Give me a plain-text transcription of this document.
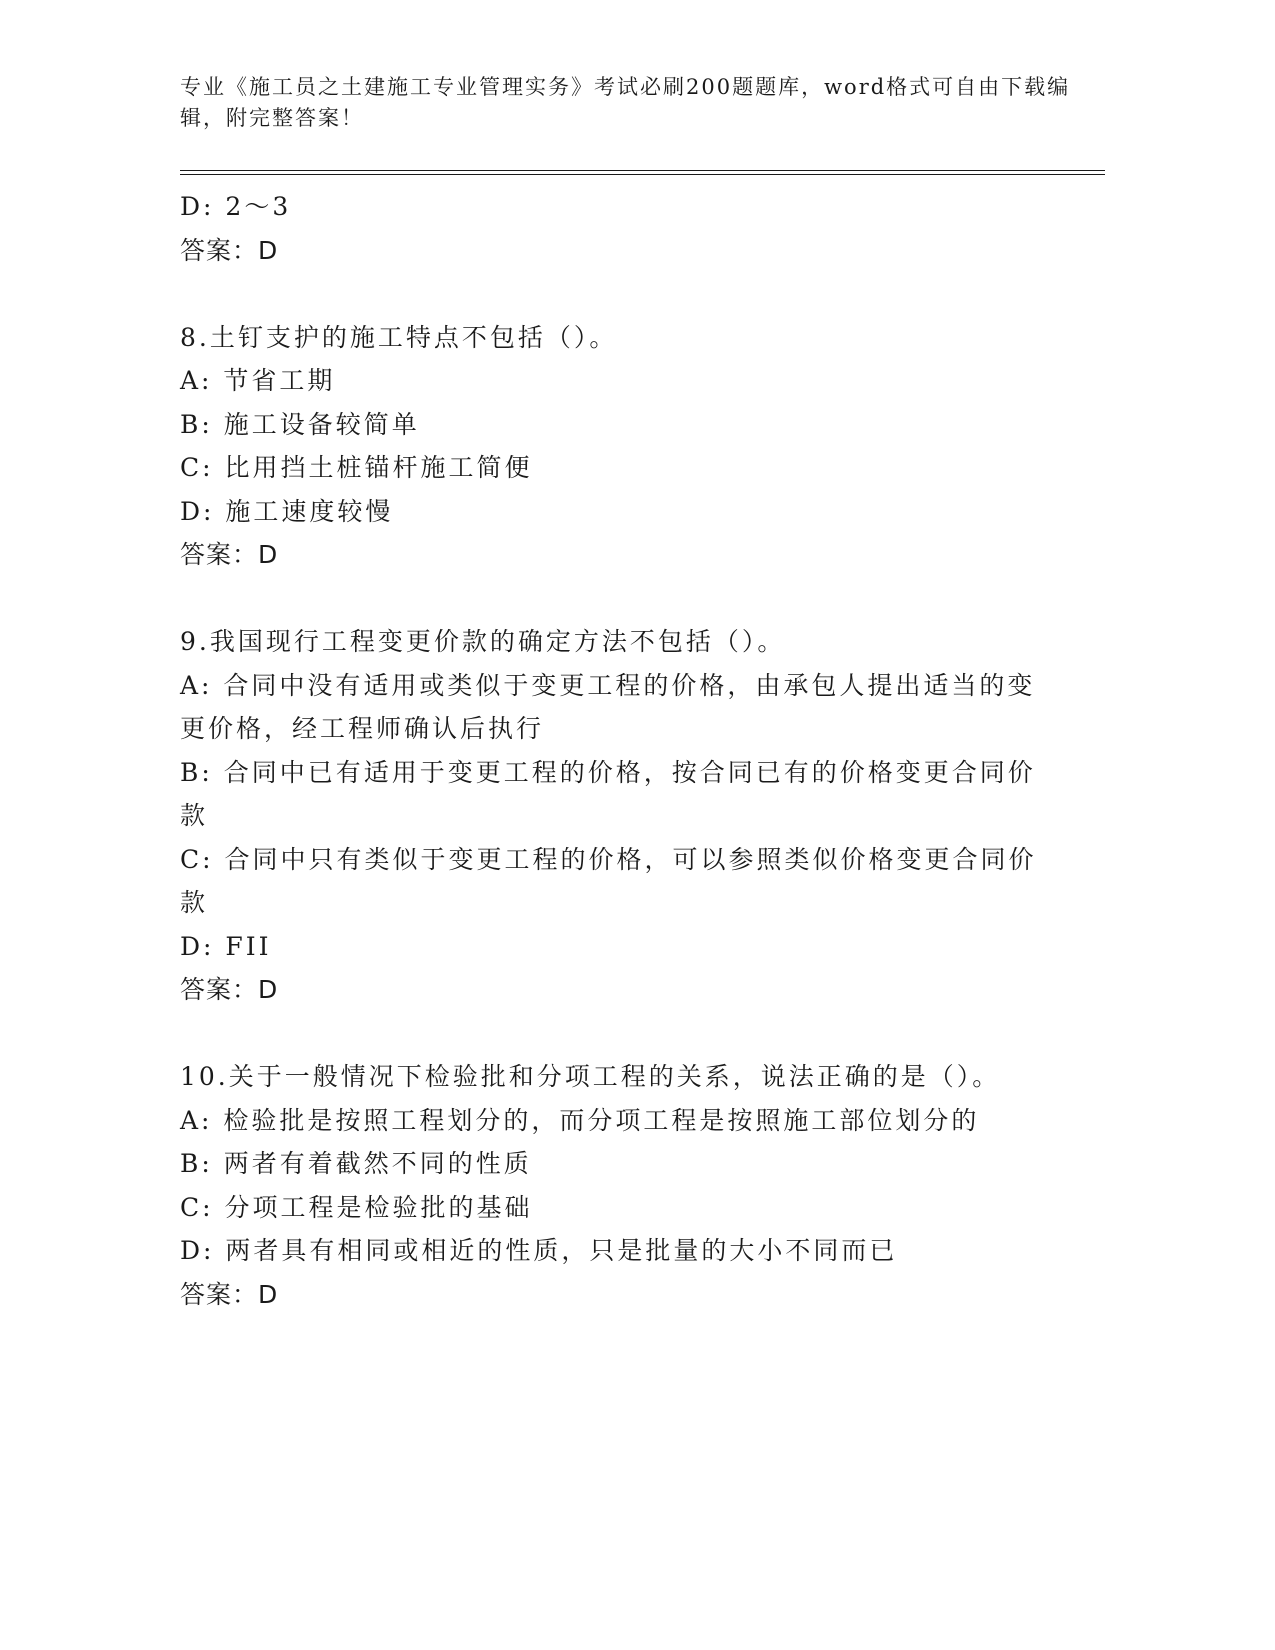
专业《施工员之土建施工专业管理实务》考试必刷200题题库，word格式可自由下载编辑，附完整答案！
D: 2～3
答案：D
8.土钉支护的施工特点不包括（）。
A: 节省工期
B: 施工设备较简单
C: 比用挡土桩锚杆施工简便
D: 施工速度较慢
答案：D
9.我国现行工程变更价款的确定方法不包括（）。
A: 合同中没有适用或类似于变更工程的价格，由承包人提出适当的变更价格，经工程师确认后执行
B: 合同中已有适用于变更工程的价格，按合同已有的价格变更合同价款
C: 合同中只有类似于变更工程的价格，可以参照类似价格变更合同价款
D: FII
答案：D
10.关于一般情况下检验批和分项工程的关系，说法正确的是（）。
A: 检验批是按照工程划分的，而分项工程是按照施工部位划分的
B: 两者有着截然不同的性质
C: 分项工程是检验批的基础
D: 两者具有相同或相近的性质，只是批量的大小不同而已
答案：D
